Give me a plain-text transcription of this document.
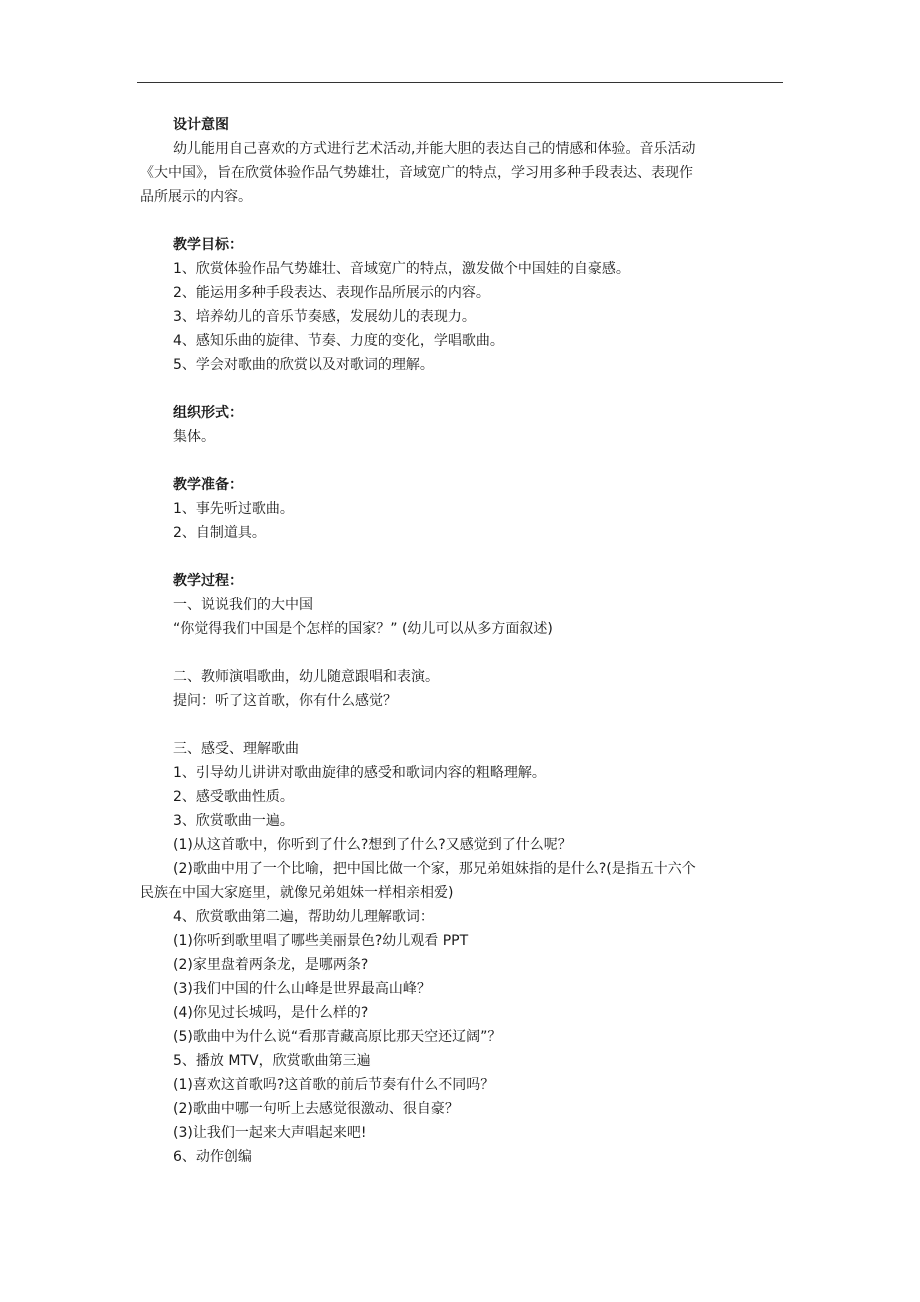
设计意图
幼儿能用自己喜欢的方式进行艺术活动,并能大胆的表达自己的情感和体验。音乐活动
《大中国》，旨在欣赏体验作品气势雄壮，音域宽广的特点，学习用多种手段表达、表现作
品所展示的内容。
教学目标：
1、欣赏体验作品气势雄壮、音域宽广的特点，激发做个中国娃的自豪感。
2、能运用多种手段表达、表现作品所展示的内容。
3、培养幼儿的音乐节奏感，发展幼儿的表现力。
4、感知乐曲的旋律、节奏、力度的变化，学唱歌曲。
5、学会对歌曲的欣赏以及对歌词的理解。
组织形式：
集体。
教学准备：
1、事先听过歌曲。
2、自制道具。
教学过程：
一、说说我们的大中国
“你觉得我们中国是个怎样的国家？” (幼儿可以从多方面叙述)
二、教师演唱歌曲，幼儿随意跟唱和表演。
提问：听了这首歌，你有什么感觉？
三、感受、理解歌曲
1、引导幼儿讲讲对歌曲旋律的感受和歌词内容的粗略理解。
2、感受歌曲性质。
3、欣赏歌曲一遍。
(1)从这首歌中，你听到了什么?想到了什么?又感觉到了什么呢？
(2)歌曲中用了一个比喻，把中国比做一个家，那兄弟姐妹指的是什么?(是指五十六个
民族在中国大家庭里，就像兄弟姐妹一样相亲相爱)
4、欣赏歌曲第二遍，帮助幼儿理解歌词：
(1)你听到歌里唱了哪些美丽景色?幼儿观看 PPT
(2)家里盘着两条龙，是哪两条?
(3)我们中国的什么山峰是世界最高山峰？
(4)你见过长城吗，是什么样的?
(5)歌曲中为什么说“看那青藏高原比那天空还辽阔”？
5、播放 MTV，欣赏歌曲第三遍
(1)喜欢这首歌吗?这首歌的前后节奏有什么不同吗？
(2)歌曲中哪一句听上去感觉很激动、很自豪？
(3)让我们一起来大声唱起来吧!
6、动作创编
